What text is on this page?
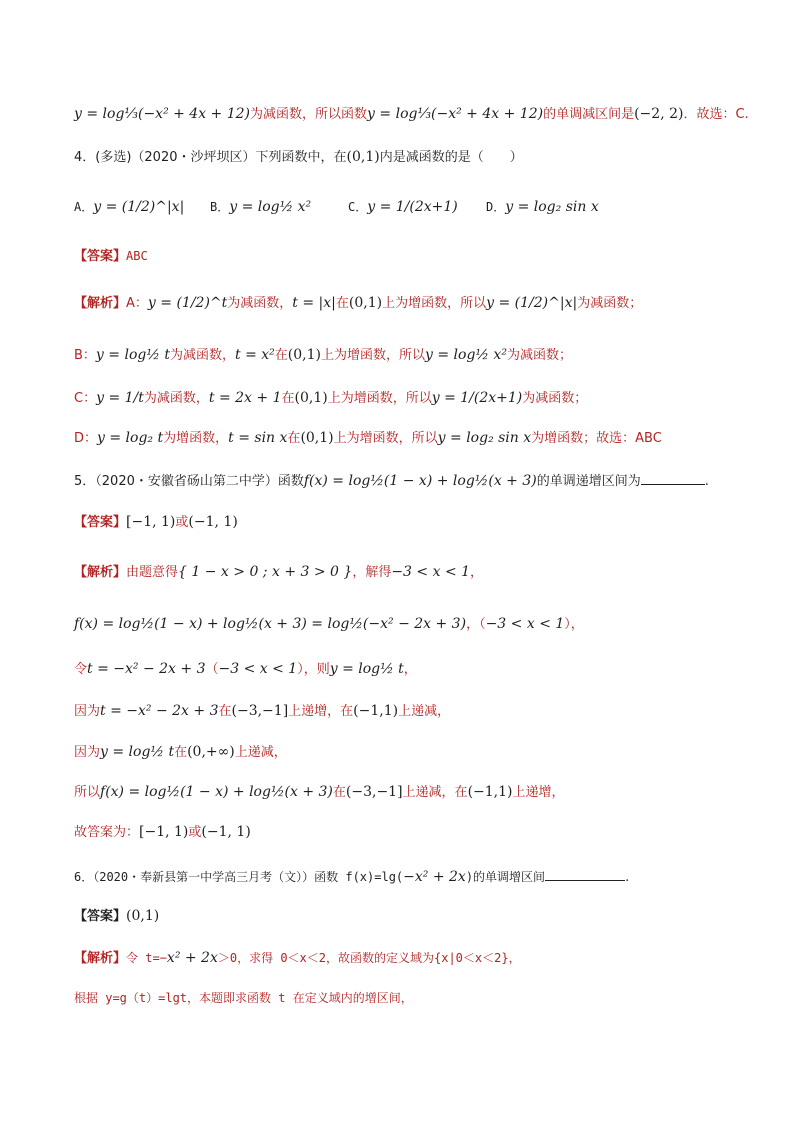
y = log⅓(−x² + 4x + 12)为减函数，所以函数y = log⅓(−x² + 4x + 12)的单调减区间是(−2, 2)．故选：C.
4．(多选)（2020・沙坪坝区）下列函数中，在(0,1)内是减函数的是（　　）
A．y = (1/2)^|x| B．y = log½ x²	C．y = 1/(2x+1) D．y = log₂ sin x
【答案】ABC
【解析】A：y = (1/2)^t为减函数，t = |x|在(0,1)上为增函数，所以y = (1/2)^|x|为减函数；
B：y = log½ t为减函数，t = x²在(0,1)上为增函数，所以y = log½ x²为减函数；
C：y = 1/t为减函数，t = 2x + 1在(0,1)上为增函数，所以y = 1/(2x+1)为减函数；
D：y = log₂ t为增函数，t = sin x在(0,1)上为增函数，所以y = log₂ sin x为增函数；故选：ABC
5．（2020・安徽省砀山第二中学）函数f(x) = log½(1 − x) + log½(x + 3)的单调递增区间为	.
【答案】[−1, 1)或(−1, 1)
【解析】由题意得{ 1 − x > 0 ; x + 3 > 0 }，解得−3 < x < 1，
f(x) = log½(1 − x) + log½(x + 3) = log½(−x² − 2x + 3)，（−3 < x < 1），
令t = −x² − 2x + 3（−3 < x < 1），则y = log½ t，
因为t = −x² − 2x + 3在(−3,−1]上递增，在(−1,1)上递减，
因为y = log½ t在(0,+∞)上递减，
所以f(x) = log½(1 − x) + log½(x + 3)在(−3,−1]上递减，在(−1,1)上递增，
故答案为：[−1, 1)或(−1, 1)
6．（2020・奉新县第一中学高三月考（文））函数 f(x)=lg(−x² + 2x)的单调增区间	.
【答案】(0,1)
【解析】令 t=−x² + 2x＞0，求得 0＜x＜2，故函数的定义域为{x|0＜x＜2}，
根据 y=g（t）=lgt，本题即求函数 t 在定义域内的增区间，
